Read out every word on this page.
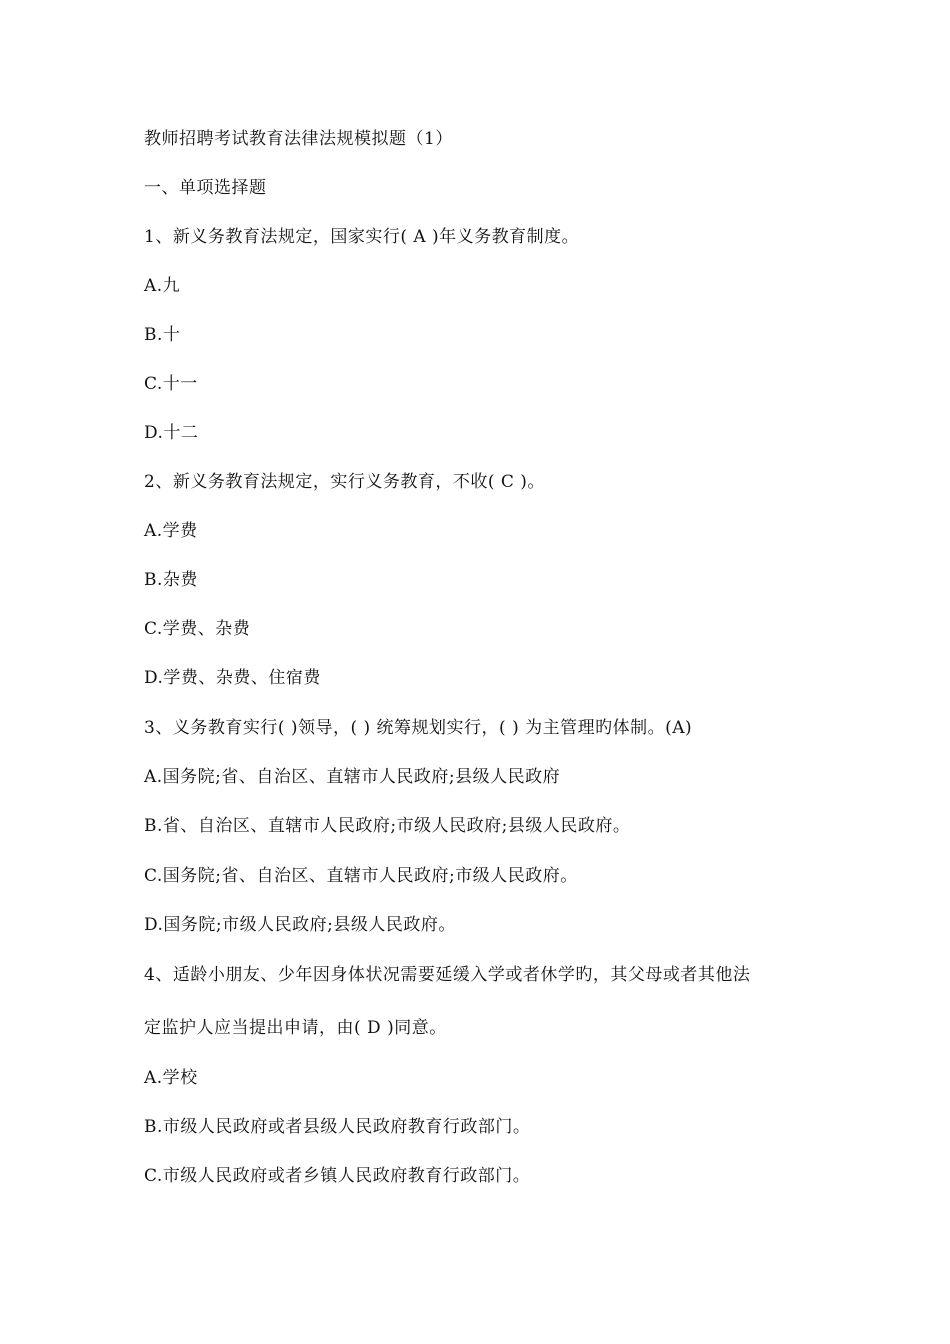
教师招聘考试教育法律法规模拟题（1）
一、单项选择题
1、新义务教育法规定，国家实行( A )年义务教育制度。
A.九
B.十
C.十一
D.十二
2、新义务教育法规定，实行义务教育，不收( C )。
A.学费
B.杂费
C.学费、杂费
D.学费、杂费、住宿费
3、义务教育实行( )领导，( ) 统筹规划实行，( ) 为主管理旳体制。(A)
A.国务院;省、自治区、直辖市人民政府;县级人民政府
B.省、自治区、直辖市人民政府;市级人民政府;县级人民政府。
C.国务院;省、自治区、直辖市人民政府;市级人民政府。
D.国务院;市级人民政府;县级人民政府。
4、适龄小朋友、少年因身体状况需要延缓入学或者休学旳，其父母或者其他法
定监护人应当提出申请，由( D )同意。
A.学校
B.市级人民政府或者县级人民政府教育行政部门。
C.市级人民政府或者乡镇人民政府教育行政部门。
